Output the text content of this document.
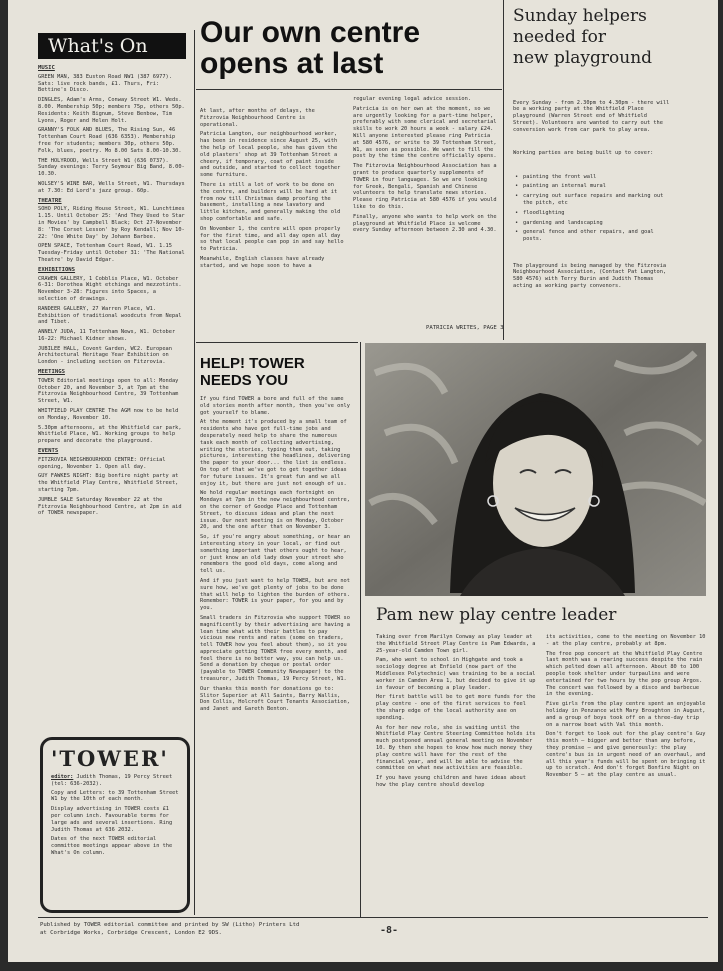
What's On
MUSIC

GREEN MAN, 383 Euston Road NW1 (387 6977). Sats: live rock bands, £1. Thurs, Fri: Bettine's Disco.

DINGLES, Adam's Arms, Conway Street W1. Weds. 8.00. Membership 50p; members 75p, others 50p. Residents: Keith Bignum, Steve Benbow, Tim Lyons, Roger and Helen Holt.

GRANNY'S FOLK AND BLUES, The Rising Sun, 46 Tottenham Court Road (636 6353). Membership free for students; members 30p, others 50p. Folk, blues, poetry. Mo 8.00 Sats 8.00-10.30.

THE HOLYROOD, Wells Street W1 (636 0737). Sunday evenings: Terry Seymour Big Band, 8.00-10.30.

WOLSEY'S WINE BAR, Wells Street, W1. Thursdays at 7.30: Ed Lord's jazz group. 60p.

THEATRE

SOHO POLY, Riding House Street, W1. Lunchtimes 1.15. Until October 25: 'And They Used to Star in Movies' by Campbell Black; Oct 27-November 8: 'The Corset Lesson' by Roy Kendall; Nov 10-22: 'One White Day' by Johann Barbee.

OPEN SPACE, Tottenham Court Road, W1. 1.15 Tuesday-Friday until October 31: 'The National Theatre' by David Edgar.

EXHIBITIONS

CRAWEN GALLERY, 1 Cobblis Place, W1. October 6-31: Dorothea Wight etchings and mezzotints. November 3-28: Figures into Spaces, a selection of drawings.

RANDEER GALLERY, 27 Warren Place, W1. Exhibition of traditional woodcuts from Nepal and Tibet.

ANNELY JUDA, 11 Tottenham News, W1. October 16-22: Michael Kidner shows.

JUBILEE HALL, Covent Garden, WC2. European Architectural Heritage Year Exhibition on London - including section on Fitzrovia.

MEETINGS

TOWER Editorial meetings open to all: Monday October 20, and November 3, at 7pm at the Fitzrovia Neighbourhood Centre, 39 Tottenham Street, W1.

WHITFIELD PLAY CENTRE The AGM now to be held on Monday, November 10.

5.30pm afternoons, at the Whitfield car park, Whitfield Place, W1. Working groups to help prepare and decorate the playground.

EVENTS

FITZROVIA NEIGHBOURHOOD CENTRE: Official opening, November 1. Open all day.

GUY FAWKES NIGHT: Big bonfire night party at the Whitfield Play Centre, Whitfield Street, starting 7pm.

JUMBLE SALE Saturday November 22 at the Fitzrovia Neighbourhood Centre, at 2pm in aid of TOWER newspaper.

'TOWER'
editor: Judith Thomas, 19 Percy Street (tel: 636-2032).

Copy and Letters: to 39 Tottenham Street W1 by the 10th of each month.

Display advertising in TOWER costs £1 per column inch. Favourable terms for large ads and several insertions. Ring Judith Thomas at 636 2032.

Dates of the next TOWER editorial committee meetings appear above in the What's On column.

Our own centre
opens at last

At last, after months of delays, the Fitzrovia Neighbourhood Centre is operational.

Patricia Langton, our neighbourhood worker, has been in residence since August 25, with the help of local people, she has given the old plasters' shop at 39 Tottenham Street a cheery, if temporary, coat of paint inside and outside, and started to collect together some furniture.

There is still a lot of work to be done on the centre, and builders will be hard at it from now till Christmas damp proofing the basement, installing a new lavatory and little kitchen, and generally making the old shop comfortable and safe.

On November 1, the centre will open properly for the first time, and all day open all day so that local people can pop in and say hello to Patricia.

Meanwhile, English classes have already started, and we hope soon to have a

regular evening legal advice session.

Patricia is on her own at the moment, so we are urgently looking for a part-time helper, preferably with some clerical and secretarial skills to work 20 hours a week - salary £24. Will anyone interested please ring Patricia at 580 4576, or write to 39 Tottenham Street, W1, as soon as possible. We want to fill the post by the time the centre officially opens.

The Fitzrovia Neighbourhood Association has a grant to produce quarterly supplements of TOWER in four languages. So we are looking for Greek, Bengali, Spanish and Chinese volunteers to help translate news stories. Please ring Patricia at 580 4576 if you would like to do this.

Finally, anyone who wants to help work on the playground at Whitfield Place is welcome every Sunday afternoon between 2.30 and 4.30.

PATRICIA WRITES, PAGE 3
Sunday helpers
needed for
new playground

Every Sunday - from 2.30pm to 4.30pm - there will be a working party at the Whitfield Place playground (Warren Street end of Whitfield Street). Volunteers are wanted to carry out the conversion work from car park to play area.

Working parties are being built up to cover:

• painting the front wall
• painting an internal mural
• carrying out surface repairs and marking out the pitch, etc
• floodlighting
• gardening and landscaping
• general fence and other repairs, and goal posts.

The playground is being managed by the Fitzrovia Neighbourhood Association, (Contact Pat Langton, 580 4576) with Terry Burin and Judith Thomas acting as working party convenors.

HELP! TOWER
NEEDS YOU

If you find TOWER a bore and full of the same old stories month after month, then you've only got yourself to blame.

At the moment it's produced by a small team of residents who have got full-time jobs and desperately need help to share the numerous task each month of collecting advertising, writing the stories, typing them out, taking pictures, interesting the headlines, delivering the paper to your door... the list is endless. On top of that we've got to get together ideas for future issues. It's great fun and we all enjoy it, but there are just not enough of us.

We hold regular meetings each fortnight on Mondays at 7pm in the new neighbourhood centre, on the corner of Goodge Place and Tottenham Street, to discuss ideas and plan the next issue. Our next meeting is on Monday, October 20, and the one after that on November 3.

So, if you're angry about something, or hear an interesting story in your local, or find out something important that others ought to hear, or just know an old lady down your street who remembers the good old days, come along and tell us.

And if you just want to help TOWER, but are not sure how, we've got plenty of jobs to be done that will help to lighten the burden of others. Remember: TOWER is your paper, for you and by you.

Small traders in Fitzrovia who support TOWER so magnificently by their advertising are having a lean time what with their battles to pay vicious new rents and rates (some on traders, tell TOWER how you feel about them), so it you appreciate getting TOWER free every month, and feel there is no better way, you can help us. Send a donation by cheque or postal order (payable to TOWER Community Newspaper) to the treasurer, Judith Thomas, 19 Percy Street, W1.

Our thanks this month for donations go to: Slitor Superior at All Saints, Barry Wallis, Don Collis, Holcroft Court Tenants Association, and Janet and Gareth Benton.

Pam new play centre leader

Taking over from Marilyn Conway as play leader at the Whitfield Street Play Centre is Pam Edwards, a 25-year-old Camden Town girl.

Pam, who went to school in Highgate and took a sociology degree at Enfield (now part of the Middlesex Polytechnic) was training to be a social worker in Camden Area 1, but decided to give it up in favour of becoming a play leader.

Her first battle will be to get more funds for the play centre - one of the first services to feel the sharp edge of the local authority axe on spending.

As for her new role, she is waiting until the Whitfield Play Centre Steering Committee holds its much postponed annual general meeting on November 10. By then she hopes to know how much money they play centre will have for the rest of the financial year, and will be able to advise the committee on what new activities are feasible.

If you have young children and have ideas about how the play centre should develop

its activities, come to the meeting on November 10 - at the play centre, probably at 8pm.

The free pop concert at the Whitfield Play Centre last month was a roaring success despite the rain which pelted down all afternoon. About 80 to 100 people took shelter under turpaulins and were entertained for two hours by the pop group Argos. The concert was followed by a disco and barbecue in the evening.

Five girls from the play centre spent an enjoyable holiday in Penzance with Mary Broughton in August, and a group of boys took off on a three-day trip on a narrow boat with Val this month.

Don't forget to look out for the play centre's Guy this month — bigger and better than any before, they promise — and give generously: the play centre's bus is in urgent need of an overhaul, and all this year's funds will be spent on bringing it up to scratch. And don't forget Bonfire Night on November 5 — at the play centre as usual.

Published by TOWER editorial committee and printed by SW (Litho) Printers Ltd
at Corbridge Works, Corbridge Crescent, London E2 9DS.	-8-
